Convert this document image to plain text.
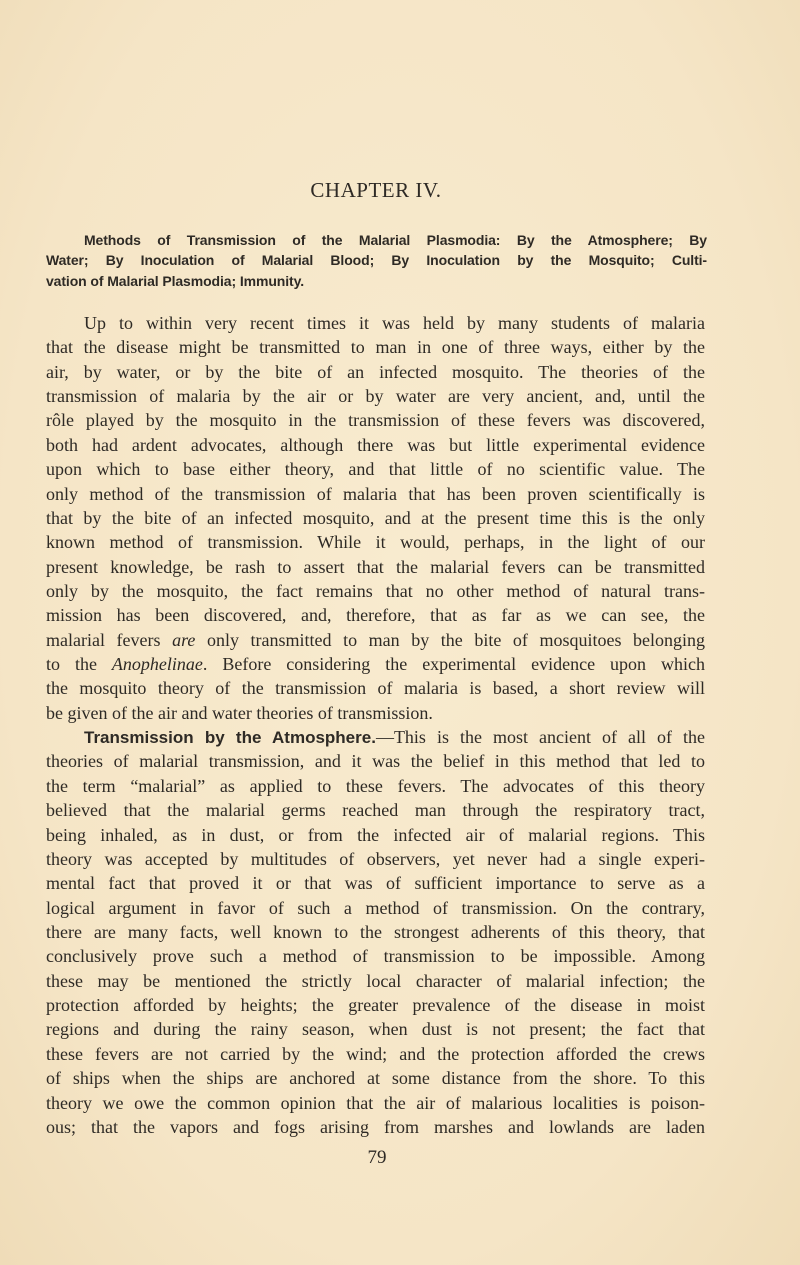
CHAPTER IV.
Methods of Transmission of the Malarial Plasmodia: By the Atmosphere; By
Water; By Inoculation of Malarial Blood; By Inoculation by the Mosquito; Culti-
vation of Malarial Plasmodia; Immunity.
Up to within very recent times it was held by many students of malaria
that the disease might be transmitted to man in one of three ways, either by the
air, by water, or by the bite of an infected mosquito. The theories of the
transmission of malaria by the air or by water are very ancient, and, until the
rôle played by the mosquito in the transmission of these fevers was discovered,
both had ardent advocates, although there was but little experimental evidence
upon which to base either theory, and that little of no scientific value. The
only method of the transmission of malaria that has been proven scientifically is
that by the bite of an infected mosquito, and at the present time this is the only
known method of transmission. While it would, perhaps, in the light of our
present knowledge, be rash to assert that the malarial fevers can be transmitted
only by the mosquito, the fact remains that no other method of natural trans-
mission has been discovered, and, therefore, that as far as we can see, the
malarial fevers are only transmitted to man by the bite of mosquitoes belonging
to the Anophelinae. Before considering the experimental evidence upon which
the mosquito theory of the transmission of malaria is based, a short review will
be given of the air and water theories of transmission.
Transmission by the Atmosphere.—This is the most ancient of all of the
theories of malarial transmission, and it was the belief in this method that led to
the term “malarial” as applied to these fevers. The advocates of this theory
believed that the malarial germs reached man through the respiratory tract,
being inhaled, as in dust, or from the infected air of malarial regions. This
theory was accepted by multitudes of observers, yet never had a single experi-
mental fact that proved it or that was of sufficient importance to serve as a
logical argument in favor of such a method of transmission. On the contrary,
there are many facts, well known to the strongest adherents of this theory, that
conclusively prove such a method of transmission to be impossible. Among
these may be mentioned the strictly local character of malarial infection; the
protection afforded by heights; the greater prevalence of the disease in moist
regions and during the rainy season, when dust is not present; the fact that
these fevers are not carried by the wind; and the protection afforded the crews
of ships when the ships are anchored at some distance from the shore. To this
theory we owe the common opinion that the air of malarious localities is poison-
ous; that the vapors and fogs arising from marshes and lowlands are laden
79
